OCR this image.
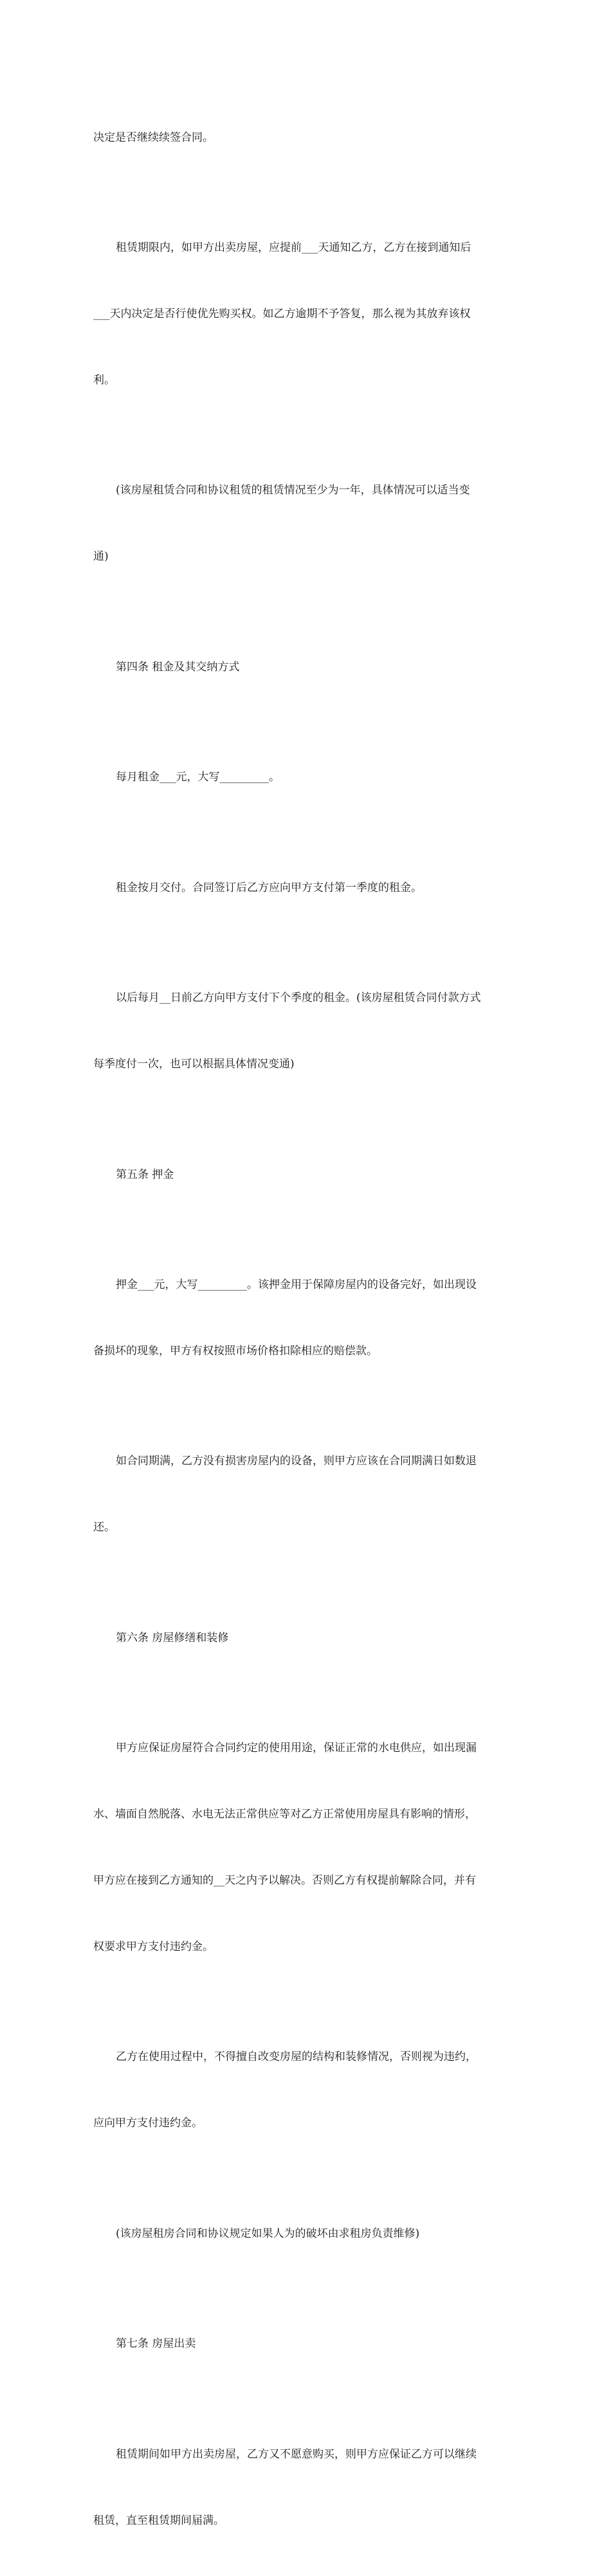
决定是否继续续签合同。

租赁期限内，如甲方出卖房屋，应提前___天通知乙方，乙方在接到通知后

___天内决定是否行使优先购买权。如乙方逾期不予答复，那么视为其放弃该权

利。

(该房屋租赁合同和协议租赁的租赁情况至少为一年，具体情况可以适当变

通)

第四条 租金及其交纳方式

每月租金___元，大写_________。

租金按月交付。合同签订后乙方应向甲方支付第一季度的租金。

以后每月__日前乙方向甲方支付下个季度的租金。(该房屋租赁合同付款方式

每季度付一次，也可以根据具体情况变通)

第五条 押金

押金___元，大写_________。该押金用于保障房屋内的设备完好，如出现设

备损坏的现象，甲方有权按照市场价格扣除相应的赔偿款。

如合同期满，乙方没有损害房屋内的设备，则甲方应该在合同期满日如数退

还。

第六条 房屋修缮和装修

甲方应保证房屋符合合同约定的使用用途，保证正常的水电供应，如出现漏

水、墙面自然脱落、水电无法正常供应等对乙方正常使用房屋具有影响的情形，

甲方应在接到乙方通知的__天之内予以解决。否则乙方有权提前解除合同，并有

权要求甲方支付违约金。

乙方在使用过程中，不得擅自改变房屋的结构和装修情况，否则视为违约，

应向甲方支付违约金。

(该房屋租房合同和协议规定如果人为的破坏由求租房负责维修)

第七条 房屋出卖

租赁期间如甲方出卖房屋，乙方又不愿意购买，则甲方应保证乙方可以继续

租赁，直至租赁期间届满。
